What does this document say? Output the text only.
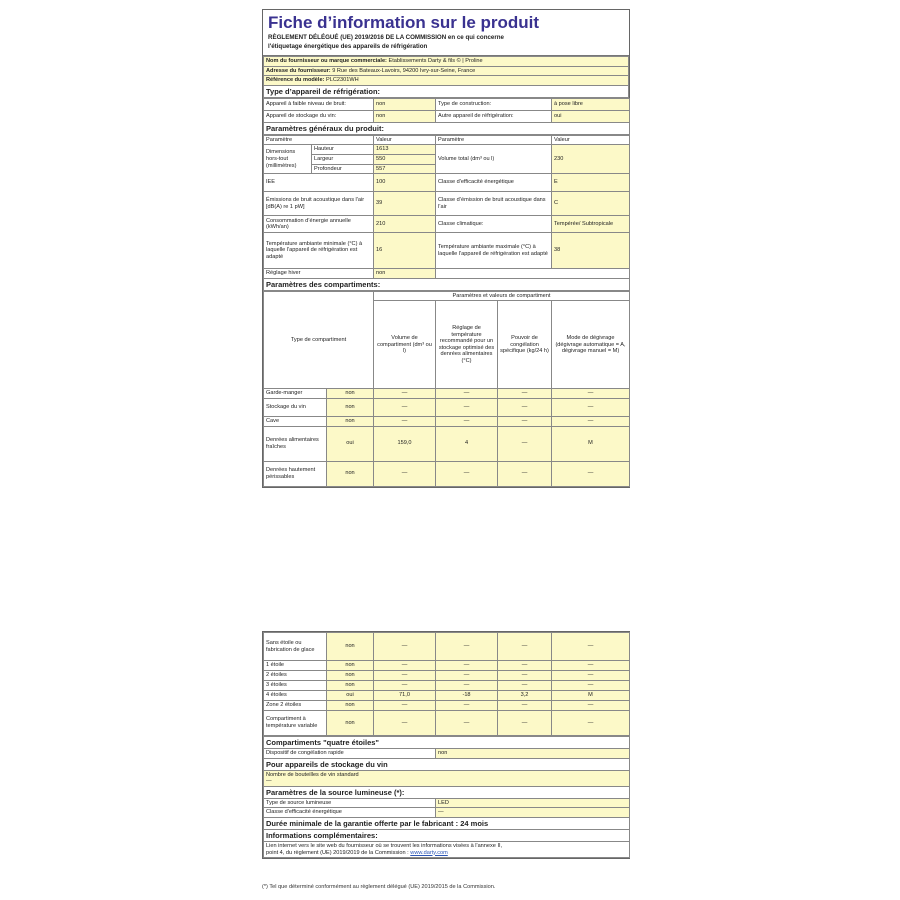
Fiche d’information sur le produit
RÈGLEMENT DÉLÉGUÉ (UE) 2019/2016 DE LA COMMISSION en ce qui concerne
l'étiquetage énergétique des appareils de réfrigération
Nom du fournisseur ou marque commerciale: Etablissements Darty & fils © | Proline
Adresse du fournisseur: 9 Rue des Bateaux-Lavoirs, 94200 Ivry-sur-Seine, France
Référence du modèle: PLC2301WH
Type d’appareil de réfrigération:
Appareil à faible niveau de bruit:	non	Type de construction:	à pose libre
Appareil de stockage du vin:	non	Autre appareil de réfrigération:	oui
Paramètres généraux du produit:			
Paramètre		Valeur	Paramètre	Valeur
Dimensions hors-tout (millimètres)	Hauteur	1613	Volume total (dm³ ou l)	230
	Largeur	550		
	Profondeur	557		
IEE		100	Classe d'efficacité énergétique	E
Émissions de bruit acoustique dans l'air [dB(A) re 1 pW]		39	Classe d’émission de bruit acoustique dans l’air	C
Consommation d’énergie annuelle (kWh/an)		210	Classe climatique:	Tempérée/ Subtropicale
Température ambiante minimale (°C) à laquelle l'appareil de réfrigération est adapté		16	Température ambiante maximale (°C) à laquelle l'appareil de réfrigération est adapté	38
Réglage hiver		non		
Paramètres des compartiments:				
Type de compartiment		Paramètres et valeurs de compartiment			
		Volume de compartiment (dm³ ou l)	Réglage de température recommandé pour un stockage optimisé des denrées alimentaires (°C)	Pouvoir de congélation spécifique (kg/24 h)	Mode de dégivrage (dégivrage automatique = A, dégivrage manuel = M)
Garde-manger	non	—	—	—	—
Stockage du vin	non	—	—	—	—
Cave	non	—	—	—	—
Denrées alimentaires fraîches	oui	159,0	4	—	M
Denrées hautement périssables	non	—	—	—	—
Sans étoile ou fabrication de glace	non	—	—	—	—
1 étoile	non	—	—	—	—
2 étoiles	non	—	—	—	—
3 étoiles	non	—	—	—	—
4 étoiles	oui	71,0	-18	3,2	M
Zone 2 étoiles	non	—	—	—	—
Compartiment à température variable	non	—	—	—	—
Compartiments "quatre étoiles"	
Dispositif de congélation rapide	non
Pour appareils de stockage du vin	

Nombre de bouteilles de vin standard
—	

Paramètres de la source lumineuse (*):	
Type de source lumineuse	LED
Classe d'efficacité énergétique	—
Durée minimale de la garantie offerte par le fabricant : 24 mois	
Informations complémentaires:	

Lien internet vers le site web du fournisseur où se trouvent les informations visées à l'annexe II,
point 4, du règlement (UE) 2019/2019 de la Commission : www.darty.com	
(*) Tel que déterminé conformément au règlement délégué (UE) 2019/2015 de la Commission.
